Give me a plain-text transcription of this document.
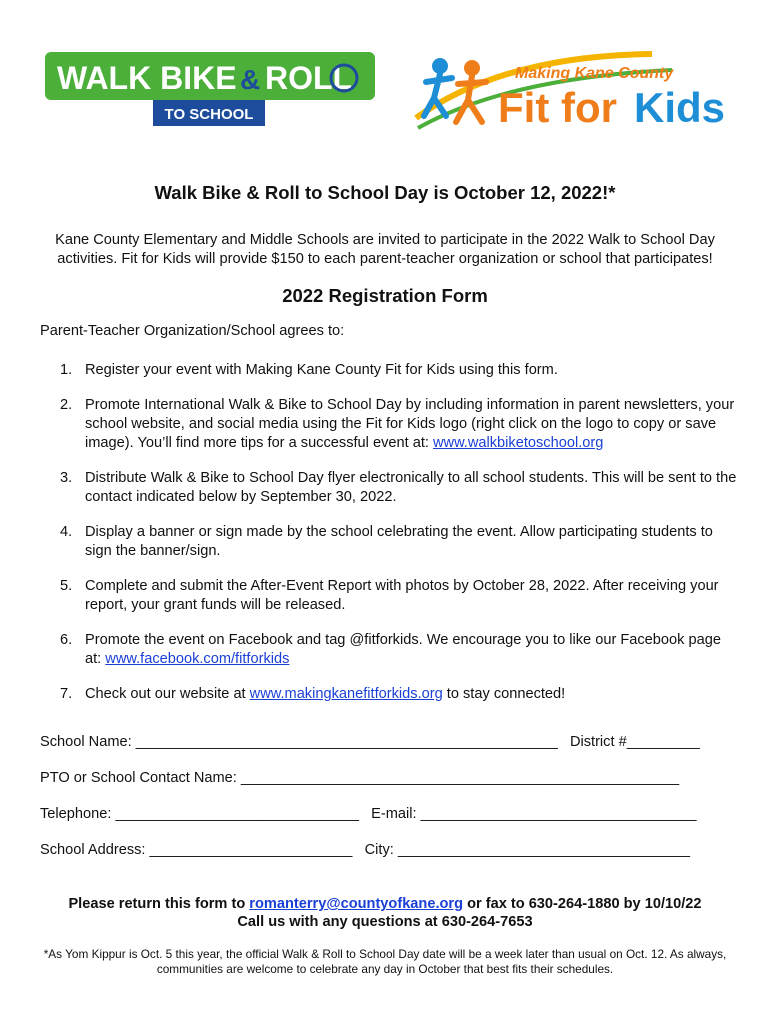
WALK BIKE & ROLL
TO SCHOOL
Making Kane County
Fit for Kids
Walk Bike & Roll to School Day is October 12, 2022!*
Kane County Elementary and Middle Schools are invited to participate in the 2022 Walk to School Day activities. Fit for Kids will provide $150 to each parent-teacher organization or school that participates!
2022 Registration Form
Parent-Teacher Organization/School agrees to:
1. Register your event with Making Kane County Fit for Kids using this form.
2. Promote International Walk & Bike to School Day by including information in parent newsletters, your school website, and social media using the Fit for Kids logo (right click on the logo to copy or save image). You’ll find more tips for a successful event at: www.walkbiketoschool.org
3. Distribute Walk & Bike to School Day flyer electronically to all school students. This will be sent to the contact indicated below by September 30, 2022.
4. Display a banner or sign made by the school celebrating the event. Allow participating students to sign the banner/sign.
5. Complete and submit the After-Event Report with photos by October 28, 2022. After receiving your report, your grant funds will be released.
6. Promote the event on Facebook and tag @fitforkids. We encourage you to like our Facebook page at: www.facebook.com/fitforkids
7. Check out our website at www.makingkanefitforkids.org to stay connected!
School Name: ____________________________________________________ District #_________
PTO or School Contact Name: ______________________________________________________
Telephone: ______________________________ E-mail: __________________________________
School Address: _________________________ City: ____________________________________
Please return this form to romanterry@countyofkane.org or fax to 630-264-1880 by 10/10/22
Call us with any questions at 630-264-7653
*As Yom Kippur is Oct. 5 this year, the official Walk & Roll to School Day date will be a week later than usual on Oct. 12. As always, communities are welcome to celebrate any day in October that best fits their schedules.
